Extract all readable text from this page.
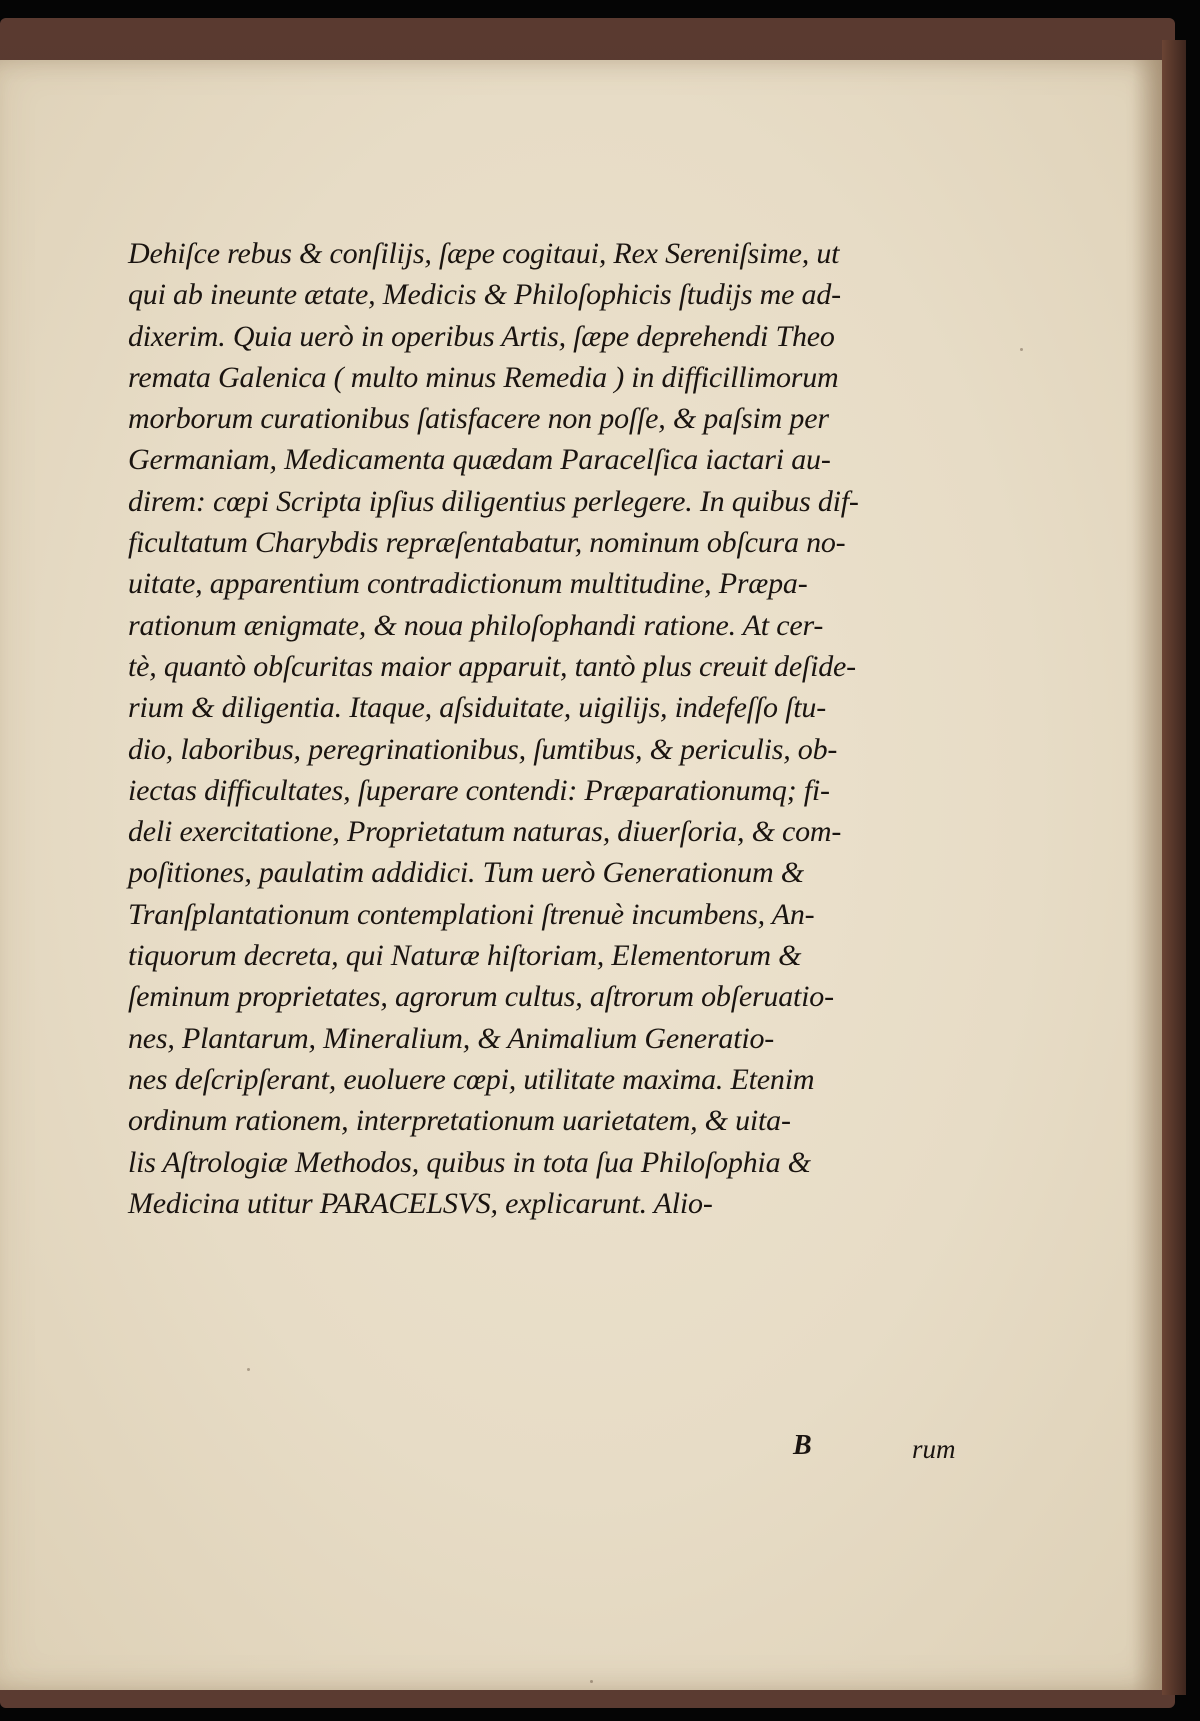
Dehiſce rebus & conſilijs, ſæpe cogitaui, Rex Sereniſsime, ut
qui ab ineunte ætate, Medicis & Philoſophicis ſtudijs me ad-
dixerim. Quia uerò in operibus Artis, ſæpe deprehendi Theo
remata Galenica ( multo minus Remedia ) in difficillimorum
morborum curationibus ſatisfacere non poſſe, & paſsim per
Germaniam, Medicamenta quædam Paracelſica iactari au-
direm: cœpi Scripta ipſius diligentius perlegere. In quibus dif-
ficultatum Charybdis repræſentabatur, nominum obſcura no-
uitate, apparentium contradictionum multitudine, Præpa-
rationum ænigmate, & noua philoſophandi ratione. At cer-
tè, quantò obſcuritas maior apparuit, tantò plus creuit deſide-
rium & diligentia. Itaque, aſsiduitate, uigilijs, indefeſſo ſtu-
dio, laboribus, peregrinationibus, ſumtibus, & periculis, ob-
iectas difficultates, ſuperare contendi: Præparationumq; fi-
deli exercitatione, Proprietatum naturas, diuerſoria, & com-
poſitiones, paulatim addidici. Tum uerò Generationum &
Tranſplantationum contemplationi ſtrenuè incumbens, An-
tiquorum decreta, qui Naturæ hiſtoriam, Elementorum &
ſeminum proprietates, agrorum cultus, aſtrorum obſeruatio-
nes, Plantarum, Mineralium, & Animalium Generatio-
nes deſcripſerant, euoluere cœpi, utilitate maxima. Etenim
ordinum rationem, interpretationum uarietatem, & uita-
lis Aſtrologiæ Methodos, quibus in tota ſua Philoſophia &
Medicina utitur PARACELSVS, explicarunt. Alio-
B	rum
